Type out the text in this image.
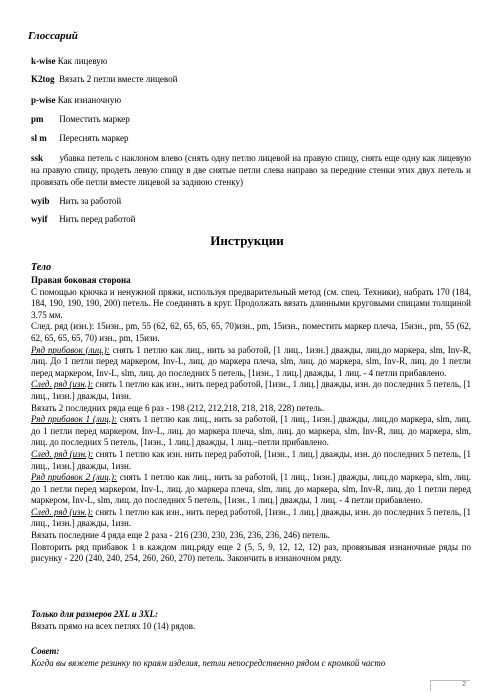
Глоссарий
k-wise Как лицевую
K2tog Вязать 2 петли вместе лицевой
p-wise Как изнаночную
pm Поместить маркер
sl m Переснять маркер
ssk убавка петель с наклоном влево (снять одну петлю лицевой на правую спицу, снять еще одну как лицевую на правую спицу, продеть левую спицу в две снятые петли слева направо за передние стенки этих двух петель и провязать обе петли вместе лицевой за заднюю стенку)
wyib Нить за работой
wyif Нить перед работой
Инструкции
Тело

Правая боковая сторона

С помощью крючка и ненужной пряжи, используя предварительный метод (см. спец. Техники), набрать 170 (184, 184, 190, 190, 190, 200) петель. Не соединять в круг. Продолжать вязать длинными круговыми спицами толщиной 3.75 мм.

След. ряд (изн.): 15изн., pm, 55 (62, 62, 65, 65, 65, 70)изн., pm, 15изн., поместить маркер плеча, 15изн., pm, 55 (62, 62, 65, 65, 65, 70) изн., pm, 15изн.

Ряд прибавок (лиц.): снять 1 петлю как лиц., нить за работой, [1 лиц., 1изн.] дважды, лиц.до маркера, slm, Inv-R, лиц. До 1 петли перед маркером, Inv-L, лиц. до маркера плеча, slm, лиц. до маркера, slm, Inv-R, лиц. до 1 петли перед маркером, Inv-L, slm, лиц. до последних 5 петель, [1изн., 1 лиц.] дважды, 1 лиц. - 4 петли прибавлено.

След. ряд (изн.): снять 1 петлю как изн., нить перед работой, [1изн., 1 лиц.] дважды, изн. до последних 5 петель, [1 лиц., 1изн.] дважды, 1изн.

Вязать 2 последних ряда еще 6 раз - 198 (212, 212,218, 218, 218, 228) петель.

Ряд прибавок 1 (лиц.): снять 1 петлю как лиц., нить за работой, [1 лиц., 1изн.] дважды, лиц.до маркера, slm, лиц. до 1 петли перед маркером, Inv-L, лиц. до маркера плеча, slm, лиц. до маркера, slm, Inv-R, лиц. до маркера, slm, лиц. до последних 5 петель, [1изн., 1 лиц.] дважды, 1 лиц.–петли прибавлено.

След. ряд (изн.): снять 1 петлю как изн. нить перед работой, [1изн., 1 лиц.] дважды, изн. до последних 5 петель, [1 лиц., 1изн.] дважды, 1изн.

Ряд прибавок 2 (лиц.): снять 1 петлю как лиц., нить за работой, [1 лиц., 1изн.] дважды, лиц.до маркера, slm, лиц. до 1 петли перед маркером, Inv-L, лиц. до маркера плеча, slm, лиц. до маркера, slm, Inv-R, лиц. до 1 петли перед маркером, Inv-L, slm, лиц. до последних 5 петель, [1изн., 1 лиц.] дважды, 1 лиц. - 4 петли прибавлено.

След. ряд (изн.): снять 1 петлю как изн., нить перед работой, [1изн., 1 лиц.] дважды, изн. до последних 5 петель, [1 лиц., 1изн.] дважды, 1изн.

Вязать последние 4 ряда еще 2 раза - 216 (230, 230, 236, 236, 236, 246) петель.

Повторить ряд прибавок 1 в каждом лиц.ряду еще 2 (5, 5, 9, 12, 12, 12) раз, провязывая изнаночные ряды по рисунку - 220 (240, 240, 254, 260, 260, 270) петель. Закончить в изнаночном ряду.

Только для размеров 2XL и 3XL:
Вязать прямо на всех петлях 10 (14) рядов.
Совет:
Когда вы вяжете резинку по краям изделия, петли непосредственно рядом с кромкой часто
2
